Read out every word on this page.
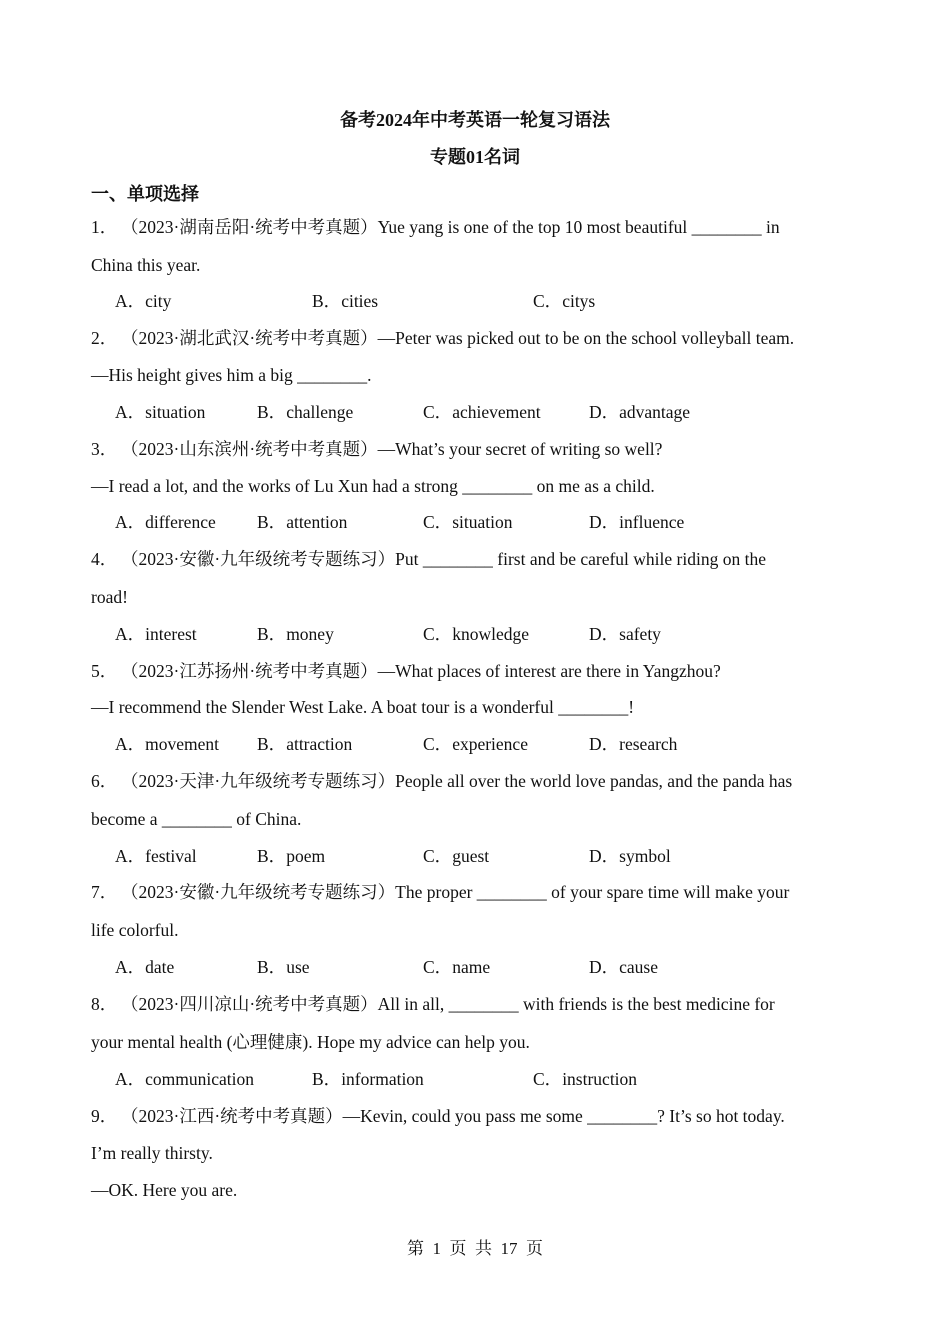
备考2024年中考英语一轮复习语法
专题01名词
一、单项选择
1． （2023·湖南岳阳·统考中考真题）Yue yang is one of the top 10 most beautiful ________ in
China this year.
A．city	B．cities	C．citys
2． （2023·湖北武汉·统考中考真题）—Peter was picked out to be on the school volleyball team.
—His height gives him a big ________.
A．situation	B．challenge	C．achievement	D．advantage
3． （2023·山东滨州·统考中考真题）—What’s your secret of writing so well?
—I read a lot, and the works of Lu Xun had a strong ________ on me as a child.
A．difference B．attention	C．situation	D．influence
4． （2023·安徽·九年级统考专题练习）Put ________ first and be careful while riding on the
road!
A．interest	B．money	C．knowledge	D．safety
5． （2023·江苏扬州·统考中考真题）—What places of interest are there in Yangzhou?
—I recommend the Slender West Lake. A boat tour is a wonderful ________!
A．movement B．attraction	C．experience	D．research
6． （2023·天津·九年级统考专题练习）People all over the world love pandas, and the panda has
become a ________ of China.
A．festival	B．poem	C．guest	D．symbol
7． （2023·安徽·九年级统考专题练习）The proper ________ of your spare time will make your
life colorful.
A．date	B．use	C．name	D．cause
8． （2023·四川凉山·统考中考真题）All in all, ________ with friends is the best medicine for
your mental health (心理健康). Hope my advice can help you.
A．communication	B．information	C．instruction
9． （2023·江西·统考中考真题）—Kevin, could you pass me some ________? It’s so hot today.
I’m really thirsty.
—OK. Here you are.
第  1  页  共  17  页
